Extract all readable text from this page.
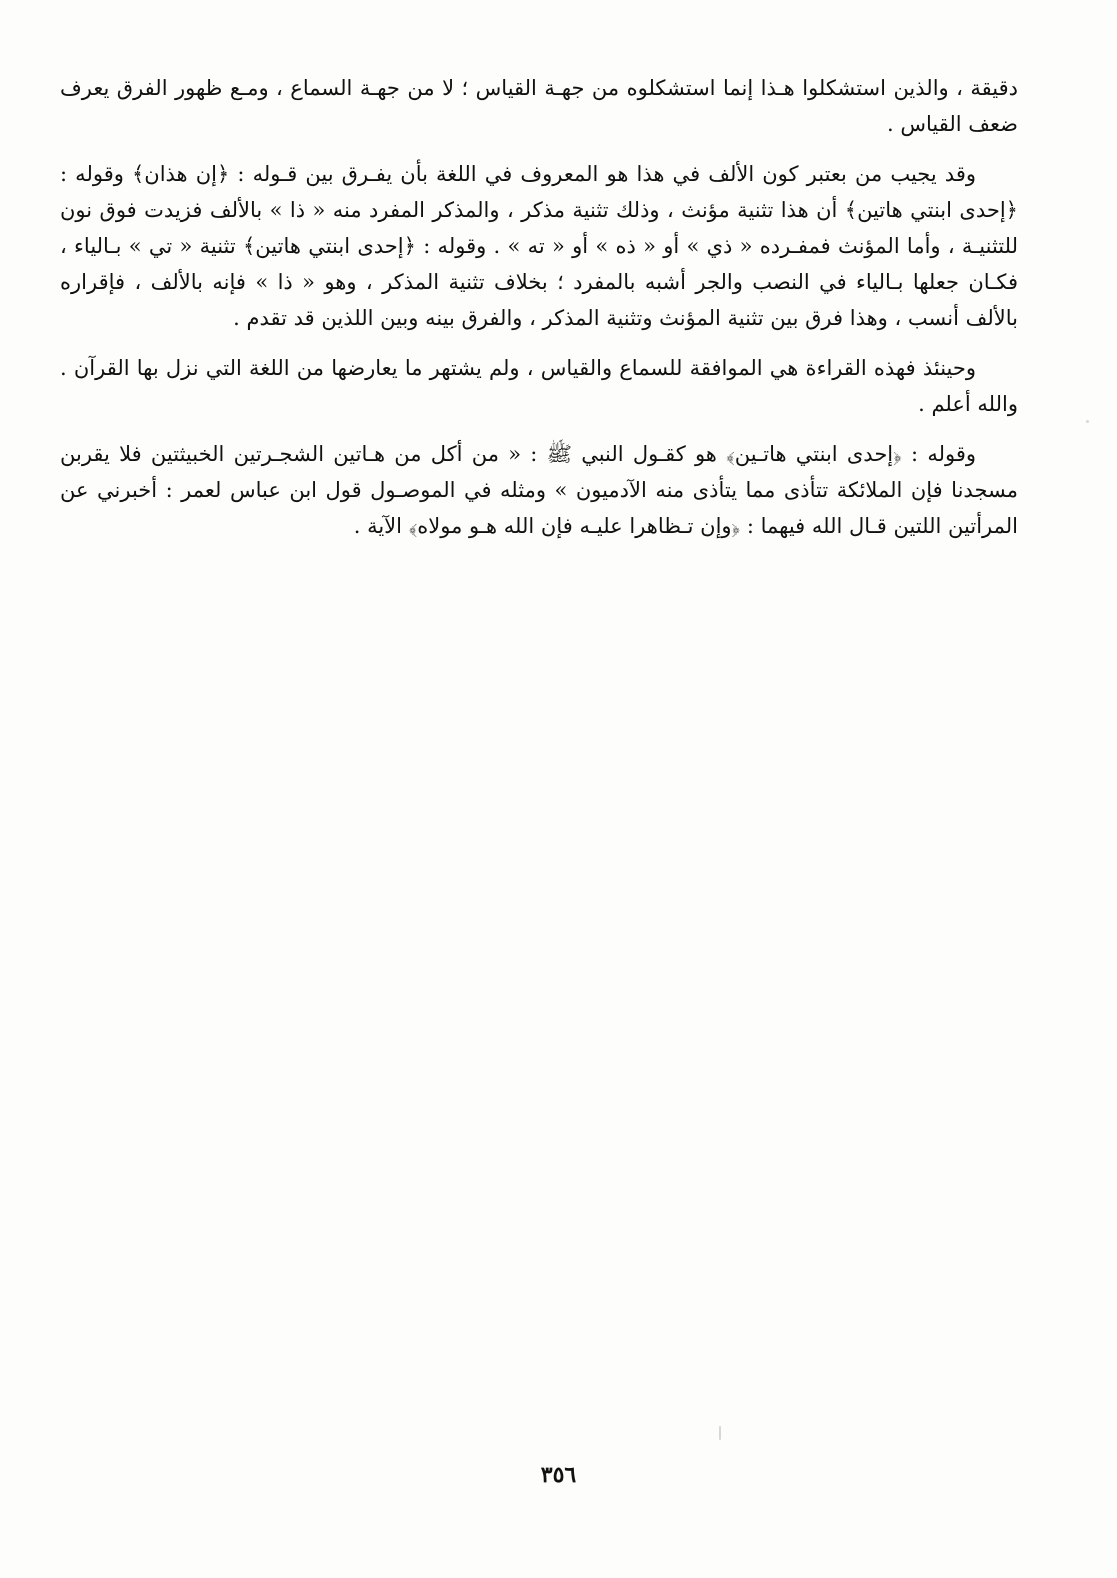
دقيقة ، والذين استشكلوا هـذا إنما استشكلوه من جهـة القياس ؛ لا من جهـة السماع ، ومـع ظهور الفرق يعرف ضعف القياس .

وقد يجيب من بعتبر كون الألف في هذا هو المعروف في اللغة بأن يفـرق بين قـوله : ﴿إن هذان﴾ وقوله : ﴿إحدى ابنتي هاتين﴾ أن هذا تثنية مؤنث ، وذلك تثنية مذكر ، والمذكر المفرد منه « ذا » بالألف فزيدت فوق نون للتثنيـة ، وأما المؤنث فمفـرده « ذي » أو « ذه » أو « ته » . وقوله : ﴿إحدى ابنتي هاتين﴾ تثنية « تي » بـالياء ، فكـان جعلها بـالياء في النصب والجر أشبه بالمفرد ؛ بخلاف تثنية المذكر ، وهو « ذا » فإنه بالألف ، فإقراره بالألف أنسب ، وهذا فرق بين تثنية المؤنث وتثنية المذكر ، والفرق بينه وبين اللذين قد تقدم .

وحينئذ فهذه القراءة هي الموافقة للسماع والقياس ، ولم يشتهر ما يعارضها من اللغة التي نزل بها القرآن . والله أعلم .

وقوله : ﴿إحدى ابنتي هاتـين﴾ هو كقـول النبي ﷺ : « من أكل من هـاتين الشجـرتين الخبيثتين فلا يقربن مسجدنا فإن الملائكة تتأذى مما يتأذى منه الآدميون » ومثله في الموصـول قول ابن عباس لعمر : أخبرني عن المرأتين اللتين قـال الله فيهما : ﴿وإن تـظاهرا عليـه فإن الله هـو مولاه﴾ الآية .

٣٥٦
